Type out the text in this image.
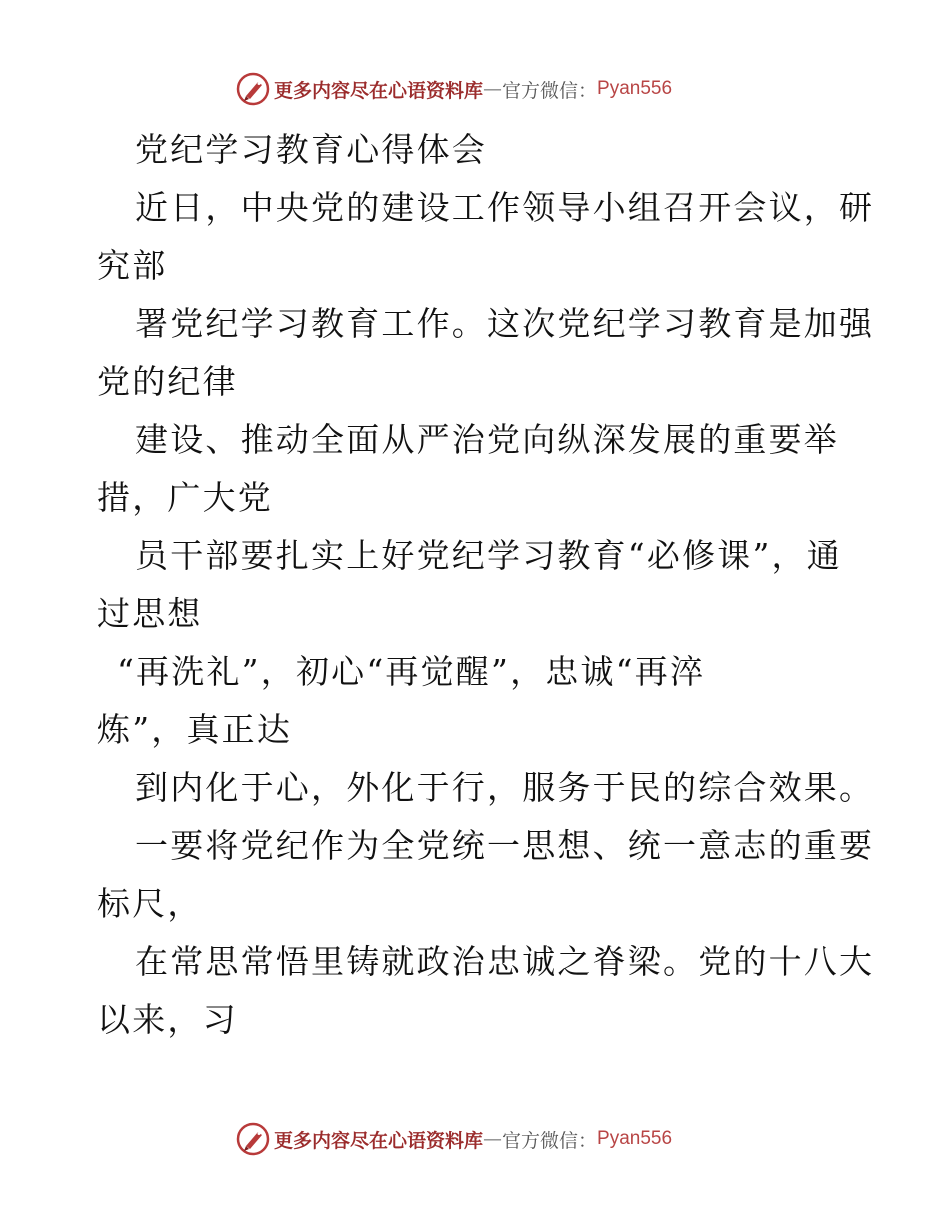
更多内容尽在心语资料库 — 官方微信： Pyan556
党纪学习教育心得体会
近日，中央党的建设工作领导小组召开会议，研
究部
署党纪学习教育工作。这次党纪学习教育是加强
党的纪律
建设、推动全面从严治党向纵深发展的重要举
措，广大党
员干部要扎实上好党纪学习教育“必修课”，通
过思想
“再洗礼”，初心“再觉醒”，忠诚“再淬
炼”，真正达
到内化于心，外化于行，服务于民的综合效果。
一要将党纪作为全党统一思想、统一意志的重要
标尺，
在常思常悟里铸就政治忠诚之脊梁。党的十八大
以来，习
更多内容尽在心语资料库 — 官方微信： Pyan556
